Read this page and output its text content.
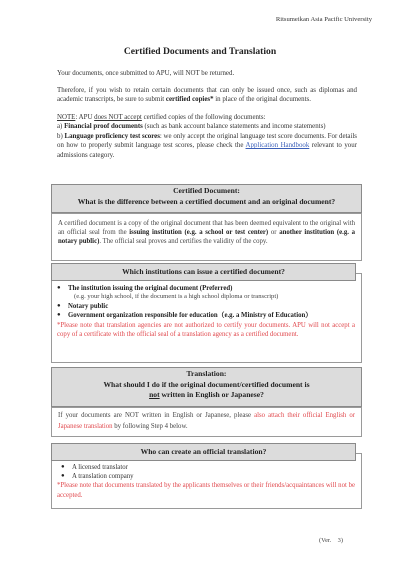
Ritsumeikan Asia Pacific University
Certified Documents and Translation
Your documents, once submitted to APU, will NOT be returned.
Therefore, if you wish to retain certain documents that can only be issued once, such as diplomas and academic transcripts, be sure to submit certified copies* in place of the original documents.
NOTE: APU does NOT accept certified copies of the following documents:
a) Financial proof documents (such as bank account balance statements and income statements)
b) Language proficiency test scores: we only accept the original language test score documents. For details on how to properly submit language test scores, please check the Application Handbook relevant to your admissions category.
Certified Document:
What is the difference between a certified document and an original document?
A certified document is a copy of the original document that has been deemed equivalent to the original with an official seal from the issuing institution (e.g. a school or test center) or another institution (e.g. a notary public). The official seal proves and certifies the validity of the copy.
Which institutions can issue a certified document?
● The institution issuing the original document (Preferred)
(e.g. your high school, if the document is a high school diploma or transcript)
● Notary public
● Government organization responsible for education（e.g. a Ministry of Education）
*Please note that translation agencies are not authorized to certify your documents. APU will not accept a copy of a certificate with the official seal of a translation agency as a certified document.
Translation:
What should I do if the original document/certified document is
not written in English or Japanese?
If your documents are NOT written in English or Japanese, please also attach their official English or Japanese translation by following Step 4 below.
Who can create an official translation?
● A licensed translator
● A translation company
*Please note that documents translated by the applicants themselves or their friends/acquaintances will not be accepted.
(Ver.　3)
